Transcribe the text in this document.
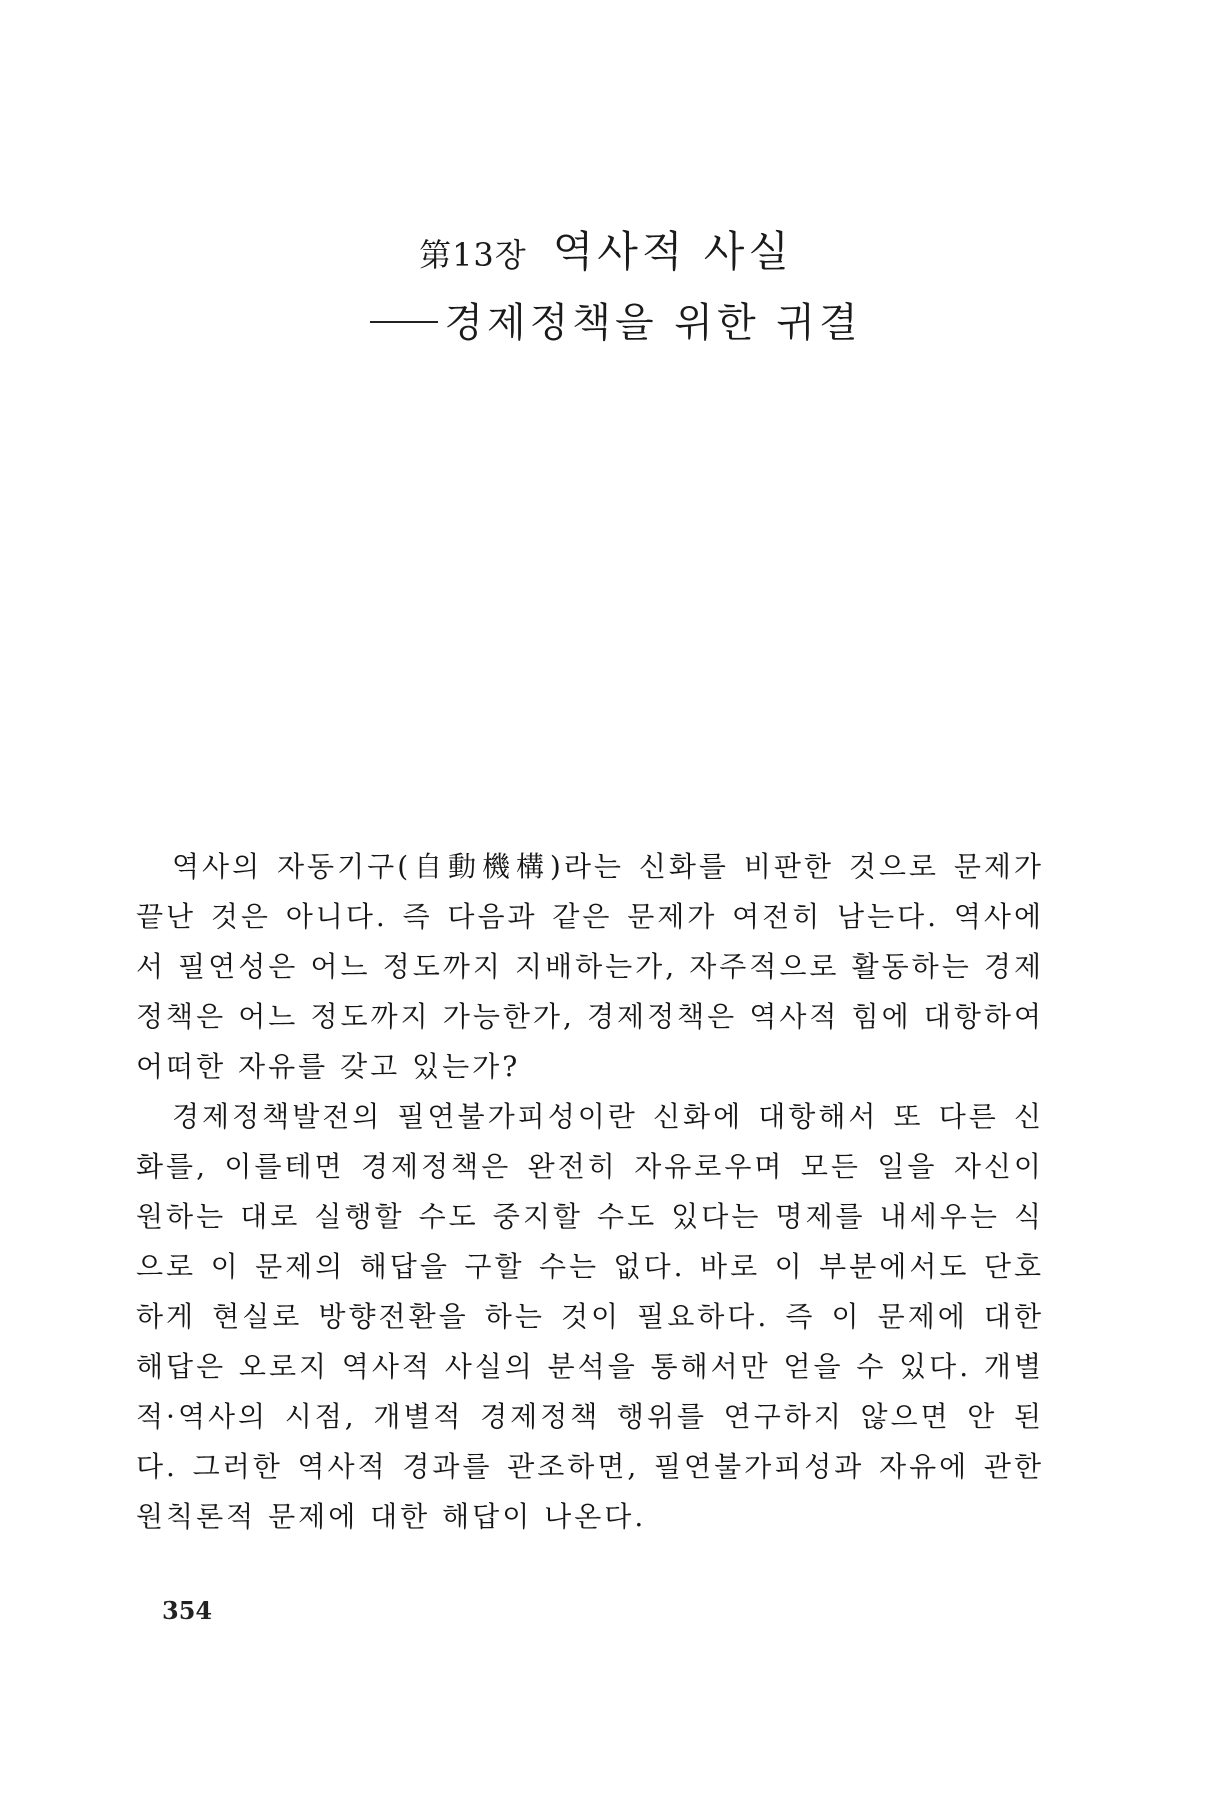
第13장 역사적 사실
경제정책을 위한 귀결

역사의 자동기구(自動機構)라는 신화를 비판한 것으로 문제가 끝난 것은 아니다. 즉 다음과 같은 문제가 여전히 남는다. 역사에서 필연성은 어느 정도까지 지배하는가, 자주적으로 활동하는 경제정책은 어느 정도까지 가능한가, 경제정책은 역사적 힘에 대항하여 어떠한 자유를 갖고 있는가?

경제정책발전의 필연불가피성이란 신화에 대항해서 또 다른 신화를, 이를테면 경제정책은 완전히 자유로우며 모든 일을 자신이 원하는 대로 실행할 수도 중지할 수도 있다는 명제를 내세우는 식으로 이 문제의 해답을 구할 수는 없다. 바로 이 부분에서도 단호하게 현실로 방향전환을 하는 것이 필요하다. 즉 이 문제에 대한 해답은 오로지 역사적 사실의 분석을 통해서만 얻을 수 있다. 개별적·역사의 시점, 개별적 경제정책 행위를 연구하지 않으면 안 된다. 그러한 역사적 경과를 관조하면, 필연불가피성과 자유에 관한 원칙론적 문제에 대한 해답이 나온다.

354
